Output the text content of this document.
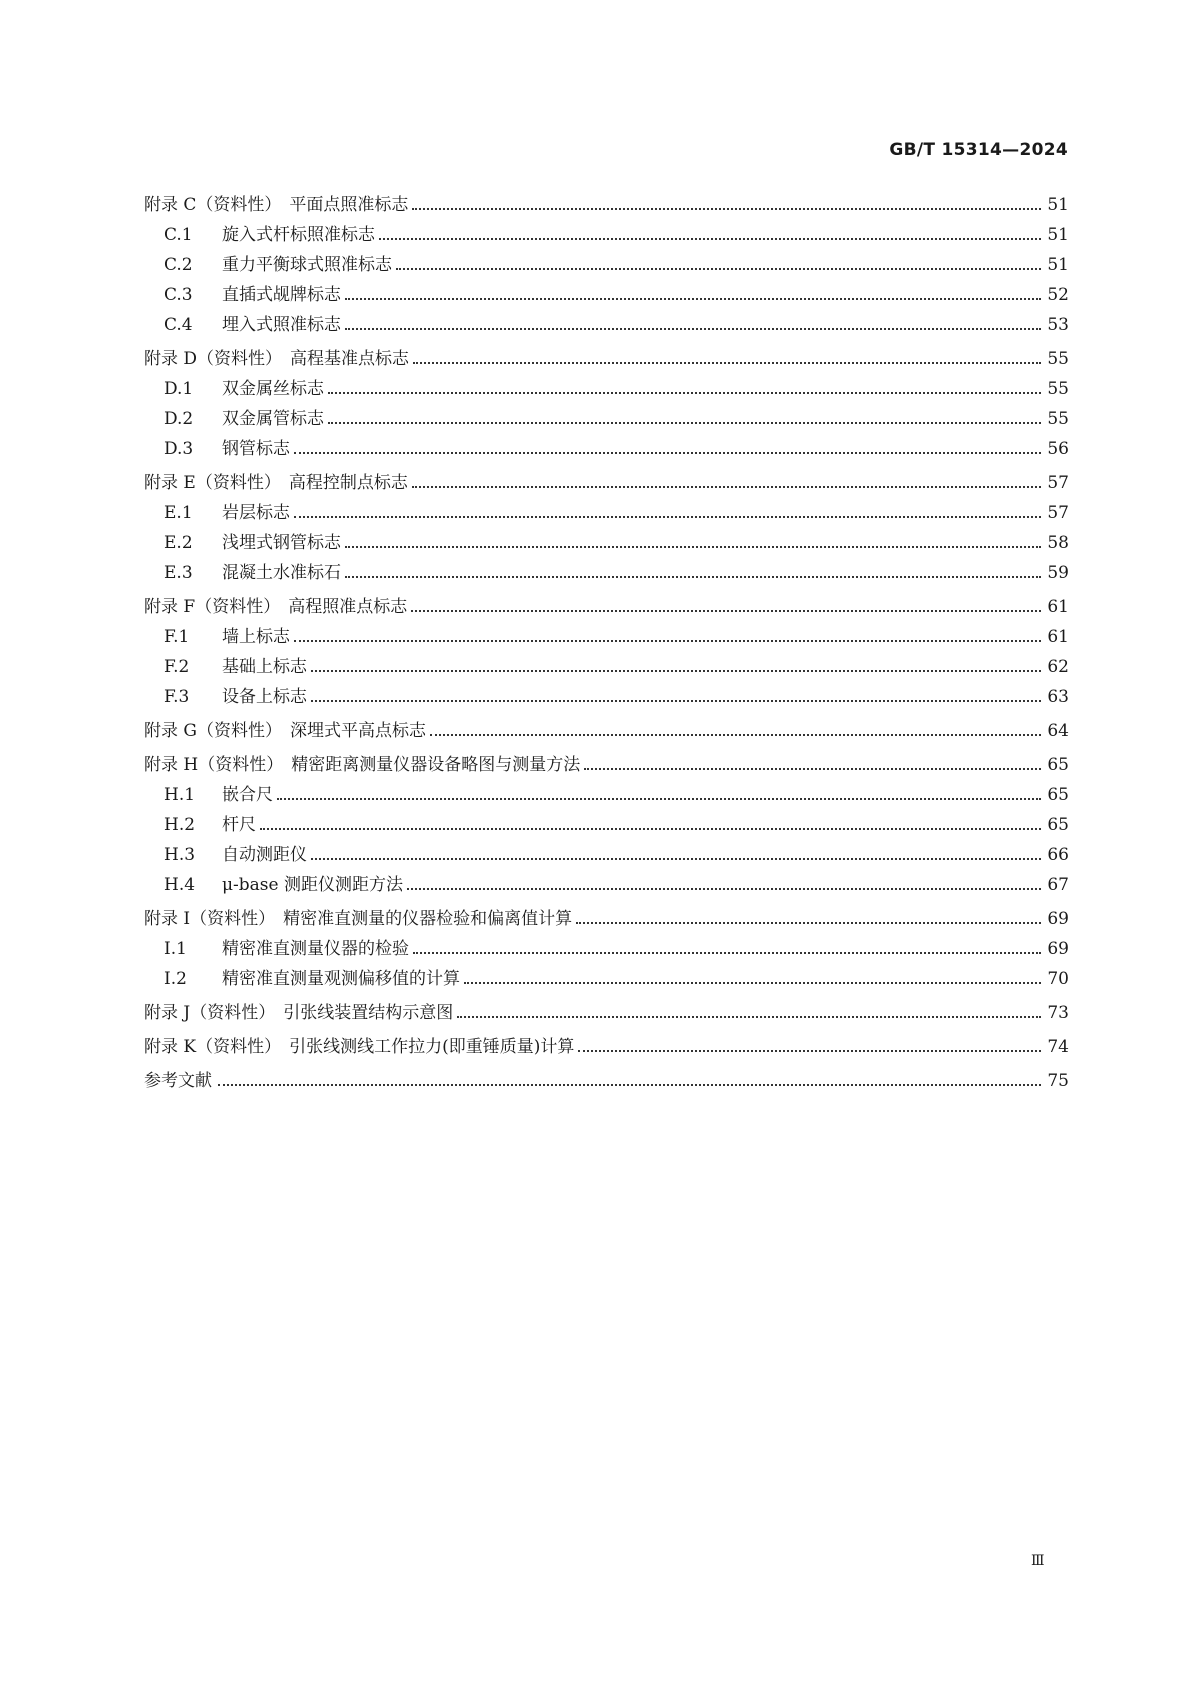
GB/T 15314—2024
附录 C（资料性） 平面点照准标志	51
C.1	旋入式杆标照准标志	51
C.2	重力平衡球式照准标志	51
C.3	直插式觇牌标志	52
C.4	埋入式照准标志	53
附录 D（资料性） 高程基准点标志	55
D.1	双金属丝标志	55
D.2	双金属管标志	55
D.3	钢管标志	56
附录 E（资料性） 高程控制点标志	57
E.1	岩层标志	57
E.2	浅埋式钢管标志	58
E.3	混凝土水准标石	59
附录 F（资料性） 高程照准点标志	61
F.1	墙上标志	61
F.2	基础上标志	62
F.3	设备上标志	63
附录 G（资料性） 深埋式平高点标志	64
附录 H（资料性） 精密距离测量仪器设备略图与测量方法	65
H.1	嵌合尺	65
H.2	杆尺	65
H.3	自动测距仪	66
H.4	μ-base 测距仪测距方法	67
附录 I（资料性） 精密准直测量的仪器检验和偏离值计算	69
I.1	精密准直测量仪器的检验	69
I.2	精密准直测量观测偏移值的计算	70
附录 J（资料性） 引张线装置结构示意图	73
附录 K（资料性） 引张线测线工作拉力(即重锤质量)计算	74
参考文献	75
Ⅲ
